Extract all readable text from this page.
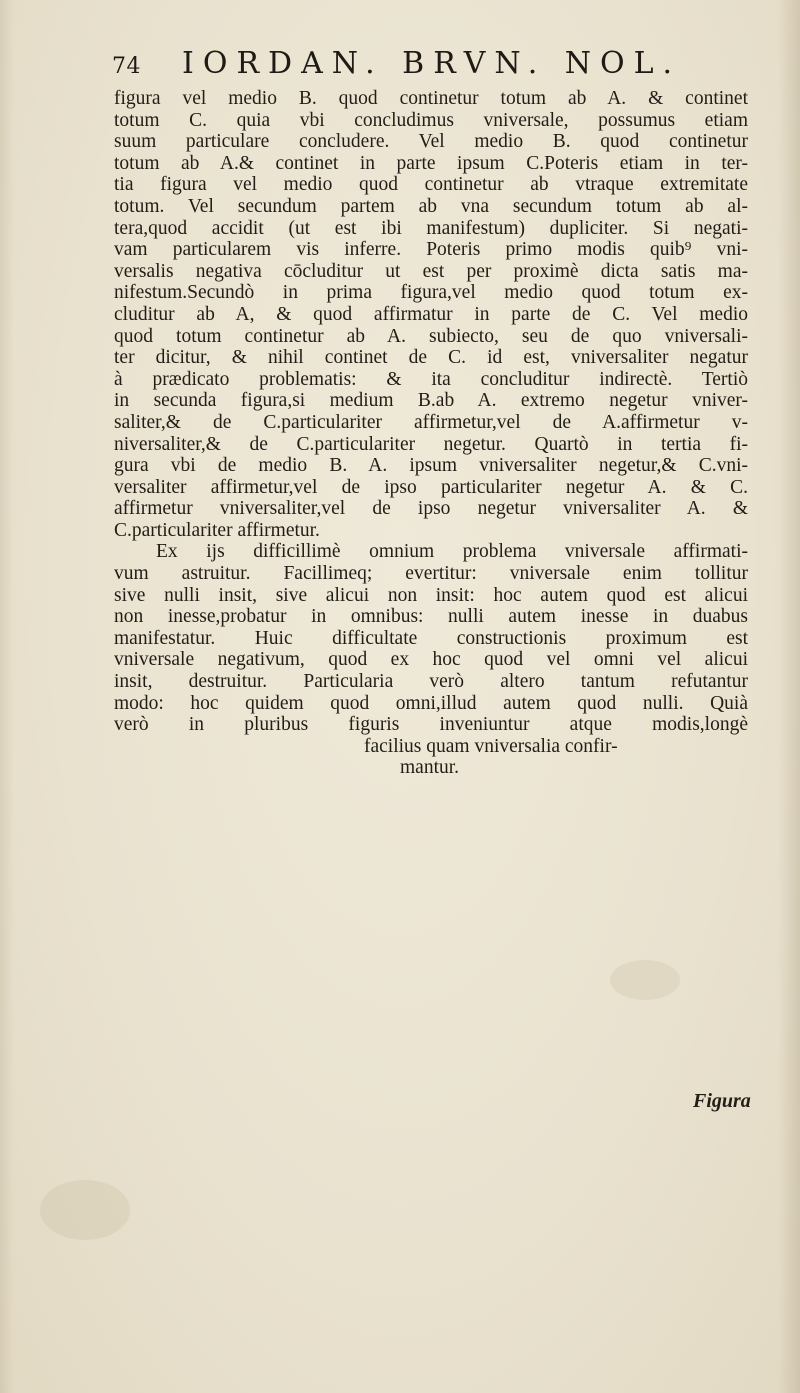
74 IORDAN. BRVN. NOL.
figura vel medio B. quod continetur totum ab A. & continet
totum C. quia vbi concludimus vniversale, possumus etiam
suum particulare concludere. Vel medio B. quod continetur
totum ab A.& continet in parte ipsum C.Poteris etiam in ter-
tia figura vel medio quod continetur ab vtraque extremitate
totum. Vel secundum partem ab vna secundum totum ab al-
tera,quod accidit (ut est ibi manifestum) dupliciter. Si negati-
vam particularem vis inferre. Poteris primo modis quib⁹ vni-
versalis negativa cōcluditur ut est per proximè dicta satis ma-
nifestum.Secundò in prima figura,vel medio quod totum ex-
cluditur ab A, & quod affirmatur in parte de C. Vel medio
quod totum continetur ab A. subiecto, seu de quo vniversali-
ter dicitur, & nihil continet de C. id est, vniversaliter negatur
à prædicato problematis: & ita concluditur indirectè. Tertiò
in secunda figura,si medium B.ab A. extremo negetur vniver-
saliter,& de C.particulariter affirmetur,vel de A.affirmetur v-
niversaliter,& de C.particulariter negetur. Quartò in tertia fi-
gura vbi de medio B. A. ipsum vniversaliter negetur,& C.vni-
versaliter affirmetur,vel de ipso particulariter negetur A. & C.
affirmetur vniversaliter,vel de ipso negetur vniversaliter A. &
C.particulariter affirmetur.
Ex ijs difficillimè omnium problema vniversale affirmati-
vum astruitur. Facillimeq; evertitur: vniversale enim tollitur
sive nulli insit, sive alicui non insit: hoc autem quod est alicui
non inesse,probatur in omnibus: nulli autem inesse in duabus
manifestatur. Huic difficultate constructionis proximum est
vniversale negativum, quod ex hoc quod vel omni vel alicui
insit, destruitur. Particularia verò altero tantum refutantur
modo: hoc quidem quod omni,illud autem quod nulli. Quià
verò in pluribus figuris inveniuntur atque modis,longè
facilius quam vniversalia confir-
mantur.
Figura
